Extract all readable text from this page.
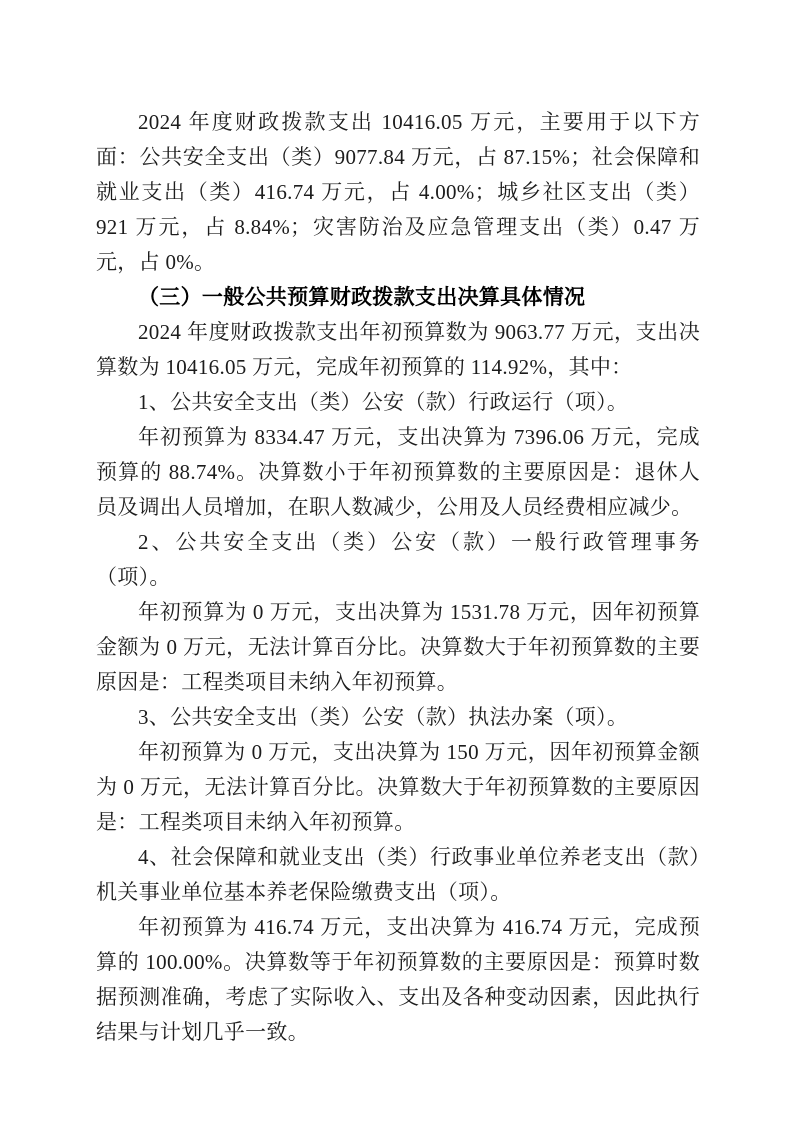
2024 年度财政拨款支出 10416.05 万元，主要用于以下方面：公共安全支出（类）9077.84 万元，占 87.15%；社会保障和就业支出（类）416.74 万元，占 4.00%；城乡社区支出（类）921 万元，占 8.84%；灾害防治及应急管理支出（类）0.47 万元，占 0%。

（三）一般公共预算财政拨款支出决算具体情况

2024 年度财政拨款支出年初预算数为 9063.77 万元，支出决算数为 10416.05 万元，完成年初预算的 114.92%，其中：

1、公共安全支出（类）公安（款）行政运行（项）。

年初预算为 8334.47 万元，支出决算为 7396.06 万元，完成预算的 88.74%。决算数小于年初预算数的主要原因是：退休人员及调出人员增加，在职人数减少，公用及人员经费相应减少。

2、公共安全支出（类）公安（款）一般行政管理事务（项）。

年初预算为 0 万元，支出决算为 1531.78 万元，因年初预算金额为 0 万元，无法计算百分比。决算数大于年初预算数的主要原因是：工程类项目未纳入年初预算。

3、公共安全支出（类）公安（款）执法办案（项）。

年初预算为 0 万元，支出决算为 150 万元，因年初预算金额为 0 万元，无法计算百分比。决算数大于年初预算数的主要原因是：工程类项目未纳入年初预算。

4、社会保障和就业支出（类）行政事业单位养老支出（款）机关事业单位基本养老保险缴费支出（项）。

年初预算为 416.74 万元，支出决算为 416.74 万元，完成预算的 100.00%。决算数等于年初预算数的主要原因是：预算时数据预测准确，考虑了实际收入、支出及各种变动因素，因此执行结果与计划几乎一致。
